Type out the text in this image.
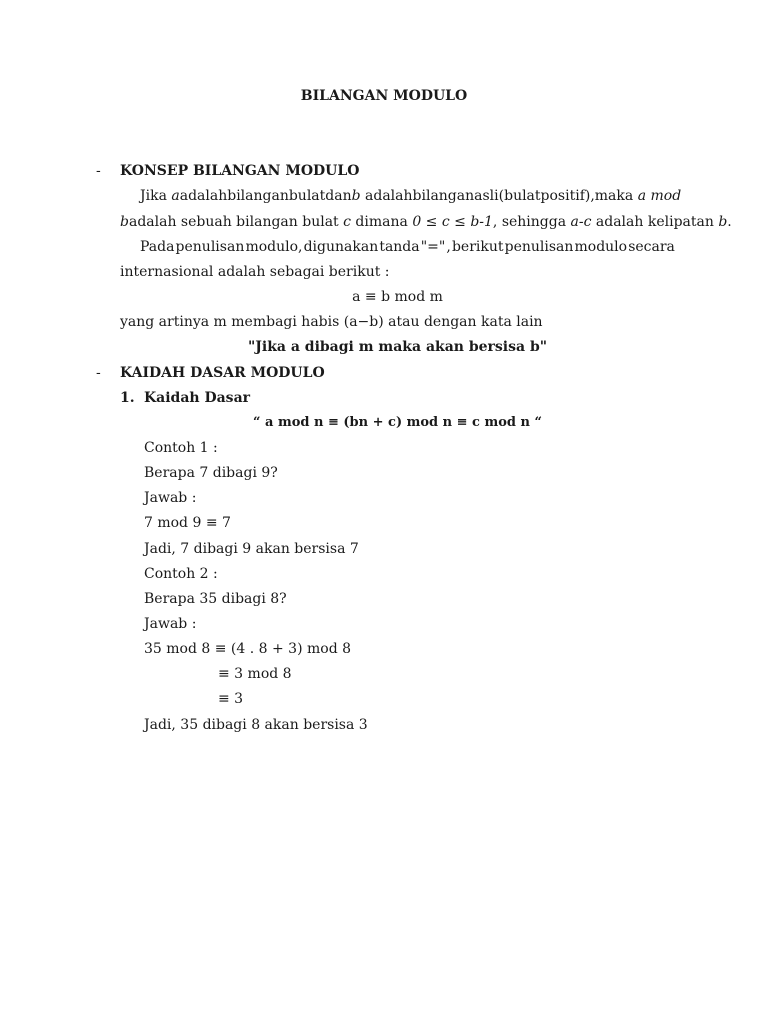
BILANGAN MODULO
- KONSEP BILANGAN MODULO
Jika a adalah bilangan bulat dan b adalah bilangan asli (bulat positif), maka a mod
badalah sebuah bilangan bulat c dimana 0 ≤ c ≤ b-1, sehingga a-c adalah kelipatan b.
Pada penulisan modulo, digunakan tanda "=" , berikut penulisan modulo secara
internasional adalah sebagai berikut :
a ≡ b mod m
yang artinya m membagi habis (a−b) atau dengan kata lain
"Jika a dibagi m maka akan bersisa b"
- KAIDAH DASAR MODULO
1. Kaidah Dasar
“ a mod n ≡ (bn + c) mod n ≡ c mod n “
Contoh 1 :
Berapa 7 dibagi 9?
Jawab :
7 mod 9 ≡ 7
Jadi, 7 dibagi 9 akan bersisa 7
Contoh 2 :
Berapa 35 dibagi 8?
Jawab :
35 mod 8 ≡ (4 . 8 + 3) mod 8
≡ 3 mod 8
≡ 3
Jadi, 35 dibagi 8 akan bersisa 3
